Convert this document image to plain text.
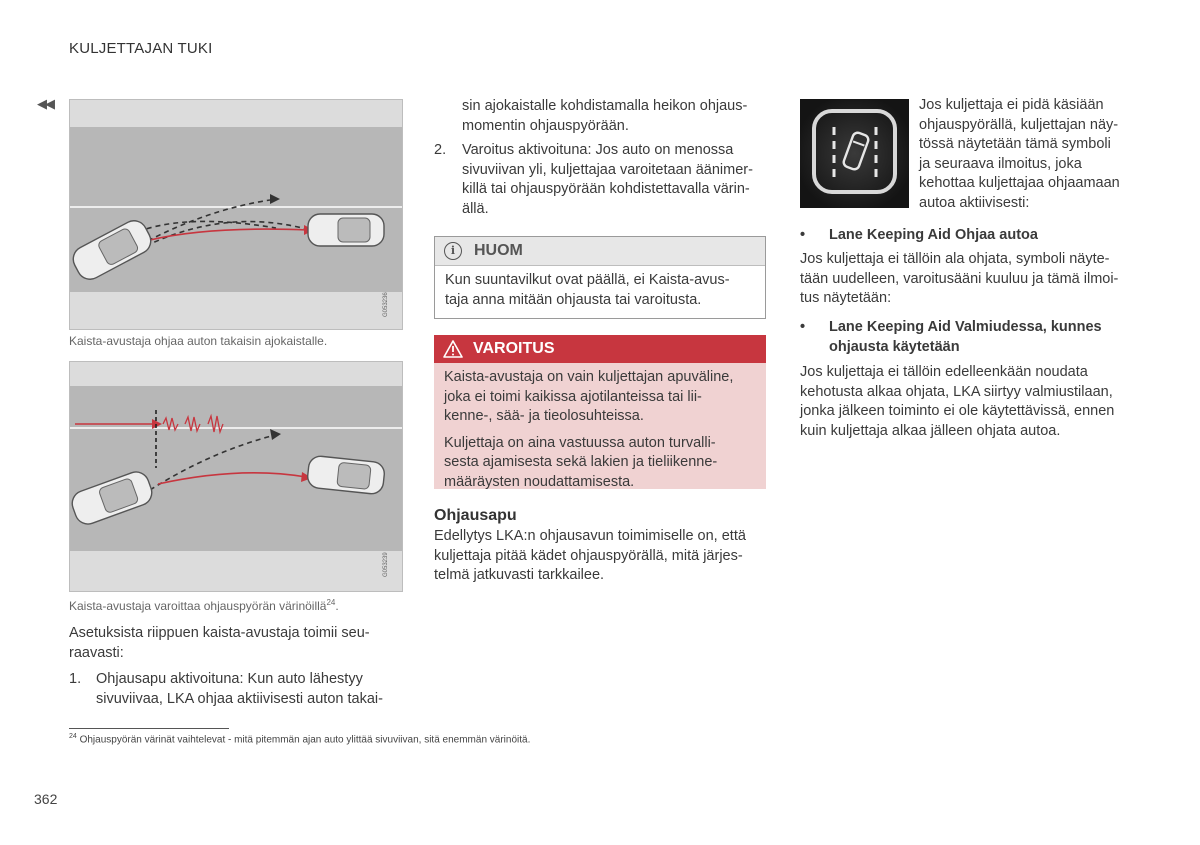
KULJETTAJAN TUKI
◀◀
G053236
Kaista-avustaja ohjaa auton takaisin ajokaistalle.
G053239
Kaista-avustaja varoittaa ohjauspyörän värinöillä$^{24}$.
Asetuksista riippuen kaista-avustaja toimii seu-
raavasti:
1. Ohjausapu aktivoituna: Kun auto lähestyy
sivuviivaa, LKA ohjaa aktiivisesti auton takai-
sin ajokaistalle kohdistamalla heikon ohjaus-
momentin ohjauspyörään.
2. Varoitus aktivoituna: Jos auto on menossa
sivuviivan yli, kuljettajaa varoitetaan äänimer-
killä tai ohjauspyörään kohdistettavalla värin-
ällä.
i	HUOM
Kun suuntavilkut ovat päällä, ei Kaista-avus-
taja anna mitään ohjausta tai varoitusta.
VAROITUS

Kaista-avustaja on vain kuljettajan apuväline,
joka ei toimi kaikissa ajotilanteissa tai lii-
kenne-, sää- ja tieolosuhteissa.

Kuljettaja on aina vastuussa auton turvalli-
sesta ajamisesta sekä lakien ja tieliikenne-
määräysten noudattamisesta.

Ohjausapu
Edellytys LKA:n ohjausavun toimimiselle on, että
kuljettaja pitää kädet ohjauspyörällä, mitä järjes-
telmä jatkuvasti tarkkailee.
Jos kuljettaja ei pidä käsiään
ohjauspyörällä, kuljettajan näy-
tössä näytetään tämä symboli
ja seuraava ilmoitus, joka
kehottaa kuljettajaa ohjaamaan
autoa aktiivisesti:
• Lane Keeping Aid Ohjaa autoa
Jos kuljettaja ei tällöin ala ohjata, symboli näyte-
tään uudelleen, varoitusääni kuuluu ja tämä ilmoi-
tus näytetään:
• Lane Keeping Aid Valmiudessa, kunnes
ohjausta käytetään
Jos kuljettaja ei tällöin edelleenkään noudata
kehotusta alkaa ohjata, LKA siirtyy valmiustilaan,
jonka jälkeen toiminto ei ole käytettävissä, ennen
kuin kuljettaja alkaa jälleen ohjata autoa.
$^{24}$ Ohjauspyörän värinät vaihtelevat - mitä pitemmän ajan auto ylittää sivuviivan, sitä enemmän värinöitä.
362
